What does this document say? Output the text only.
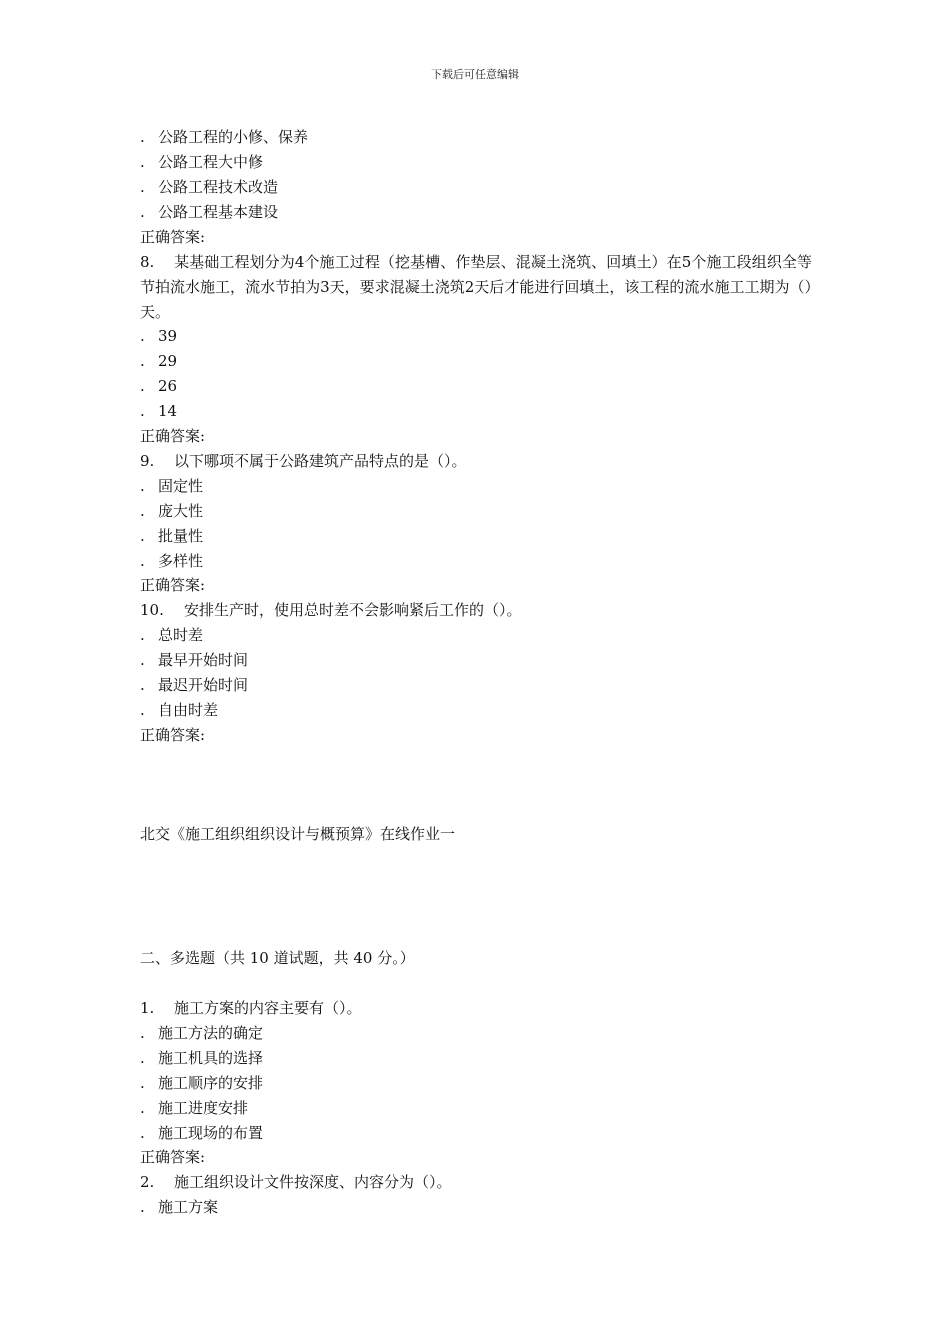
下载后可任意编辑
. 公路工程的小修、保养
. 公路工程大中修
. 公路工程技术改造
. 公路工程基本建设
正确答案:
8. 某基础工程划分为4个施工过程（挖基槽、作垫层、混凝土浇筑、回填土）在5个施工段组织全等节拍流水施工，流水节拍为3天，要求混凝土浇筑2天后才能进行回填土，该工程的流水施工工期为（）天。
. 39
. 29
. 26
. 14
正确答案:
9. 以下哪项不属于公路建筑产品特点的是（）。
. 固定性
. 庞大性
. 批量性
. 多样性
正确答案:
10. 安排生产时，使用总时差不会影响紧后工作的（）。
. 总时差
. 最早开始时间
. 最迟开始时间
. 自由时差
正确答案:
北交《施工组织组织设计与概预算》在线作业一
二、多选题（共 10 道试题，共 40 分。）
1. 施工方案的内容主要有（）。
. 施工方法的确定
. 施工机具的选择
. 施工顺序的安排
. 施工进度安排
. 施工现场的布置
正确答案:
2. 施工组织设计文件按深度、内容分为（）。
. 施工方案
